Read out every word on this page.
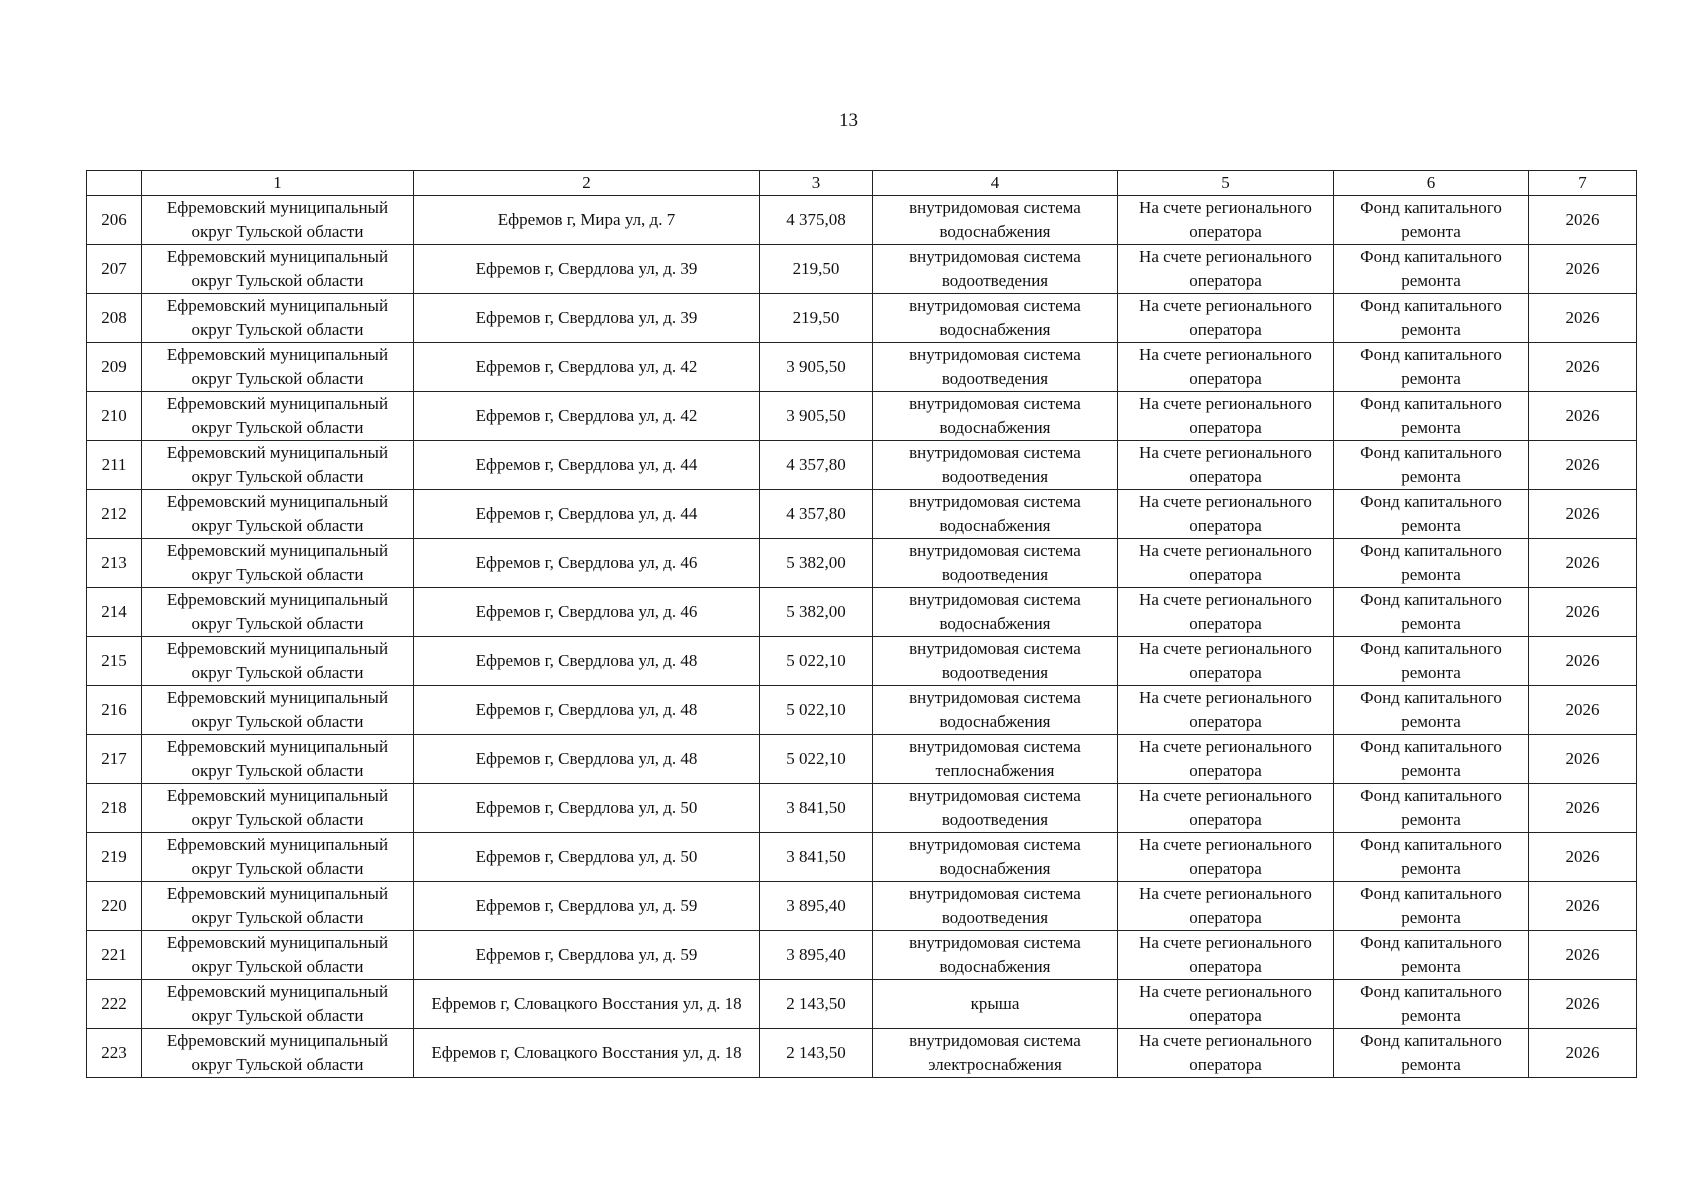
13
	1	2	3	4	5	6	7
206	Ефремовский муниципальный округ Тульской области	Ефремов г, Мира ул, д. 7	4 375,08	внутридомовая система водоснабжения	На счете регионального оператора	Фонд капитального ремонта	2026
207	Ефремовский муниципальный округ Тульской области	Ефремов г, Свердлова ул, д. 39	219,50	внутридомовая система водоотведения	На счете регионального оператора	Фонд капитального ремонта	2026
208	Ефремовский муниципальный округ Тульской области	Ефремов г, Свердлова ул, д. 39	219,50	внутридомовая система водоснабжения	На счете регионального оператора	Фонд капитального ремонта	2026
209	Ефремовский муниципальный округ Тульской области	Ефремов г, Свердлова ул, д. 42	3 905,50	внутридомовая система водоотведения	На счете регионального оператора	Фонд капитального ремонта	2026
210	Ефремовский муниципальный округ Тульской области	Ефремов г, Свердлова ул, д. 42	3 905,50	внутридомовая система водоснабжения	На счете регионального оператора	Фонд капитального ремонта	2026
211	Ефремовский муниципальный округ Тульской области	Ефремов г, Свердлова ул, д. 44	4 357,80	внутридомовая система водоотведения	На счете регионального оператора	Фонд капитального ремонта	2026
212	Ефремовский муниципальный округ Тульской области	Ефремов г, Свердлова ул, д. 44	4 357,80	внутридомовая система водоснабжения	На счете регионального оператора	Фонд капитального ремонта	2026
213	Ефремовский муниципальный округ Тульской области	Ефремов г, Свердлова ул, д. 46	5 382,00	внутридомовая система водоотведения	На счете регионального оператора	Фонд капитального ремонта	2026
214	Ефремовский муниципальный округ Тульской области	Ефремов г, Свердлова ул, д. 46	5 382,00	внутридомовая система водоснабжения	На счете регионального оператора	Фонд капитального ремонта	2026
215	Ефремовский муниципальный округ Тульской области	Ефремов г, Свердлова ул, д. 48	5 022,10	внутридомовая система водоотведения	На счете регионального оператора	Фонд капитального ремонта	2026
216	Ефремовский муниципальный округ Тульской области	Ефремов г, Свердлова ул, д. 48	5 022,10	внутридомовая система водоснабжения	На счете регионального оператора	Фонд капитального ремонта	2026
217	Ефремовский муниципальный округ Тульской области	Ефремов г, Свердлова ул, д. 48	5 022,10	внутридомовая система теплоснабжения	На счете регионального оператора	Фонд капитального ремонта	2026
218	Ефремовский муниципальный округ Тульской области	Ефремов г, Свердлова ул, д. 50	3 841,50	внутридомовая система водоотведения	На счете регионального оператора	Фонд капитального ремонта	2026
219	Ефремовский муниципальный округ Тульской области	Ефремов г, Свердлова ул, д. 50	3 841,50	внутридомовая система водоснабжения	На счете регионального оператора	Фонд капитального ремонта	2026
220	Ефремовский муниципальный округ Тульской области	Ефремов г, Свердлова ул, д. 59	3 895,40	внутридомовая система водоотведения	На счете регионального оператора	Фонд капитального ремонта	2026
221	Ефремовский муниципальный округ Тульской области	Ефремов г, Свердлова ул, д. 59	3 895,40	внутридомовая система водоснабжения	На счете регионального оператора	Фонд капитального ремонта	2026
222	Ефремовский муниципальный округ Тульской области	Ефремов г, Словацкого Восстания ул, д. 18	2 143,50	крыша	На счете регионального оператора	Фонд капитального ремонта	2026
223	Ефремовский муниципальный округ Тульской области	Ефремов г, Словацкого Восстания ул, д. 18	2 143,50	внутридомовая система электроснабжения	На счете регионального оператора	Фонд капитального ремонта	2026
